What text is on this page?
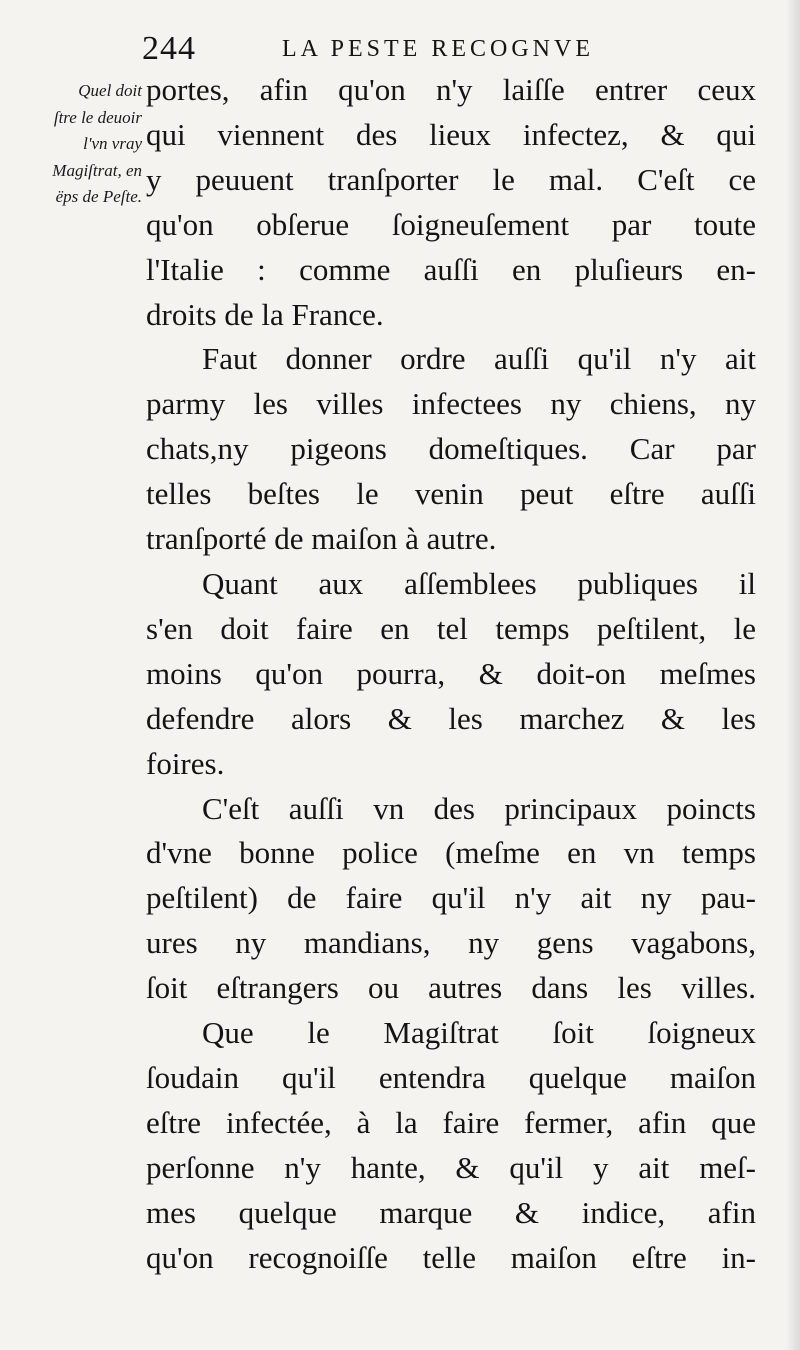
244	LA PESTE RECOGNVE
Quel doit
ſtre le deuoir
l'vn vray
Magiſtrat, en
ëps de Peſte.
portes, afin qu'on n'y laiſſe entrer ceux
qui viennent des lieux infectez, & qui
y peuuent tranſporter le mal. C'eſt ce
qu'on obſerue ſoigneuſement par toute
l'Italie : comme auſſi en pluſieurs en-
droits de la France.
Faut donner ordre auſſi qu'il n'y ait
parmy les villes infectees ny chiens, ny
chats,ny pigeons domeſtiques. Car par
telles beſtes le venin peut eſtre auſſi
tranſporté de maiſon à autre.
Quant aux aſſemblees publiques il
s'en doit faire en tel temps peſtilent, le
moins qu'on pourra, & doit-on meſmes
defendre alors & les marchez & les
foires.
C'eſt auſſi vn des principaux poincts
d'vne bonne police (meſme en vn temps
peſtilent) de faire qu'il n'y ait ny pau-
ures ny mandians, ny gens vagabons,
ſoit eſtrangers ou autres dans les villes.
Que le Magiſtrat ſoit ſoigneux
ſoudain qu'il entendra quelque maiſon
eſtre infectée, à la faire fermer, afin que
perſonne n'y hante, & qu'il y ait meſ-
mes quelque marque & indice, afin
qu'on recognoiſſe telle maiſon eſtre in-
